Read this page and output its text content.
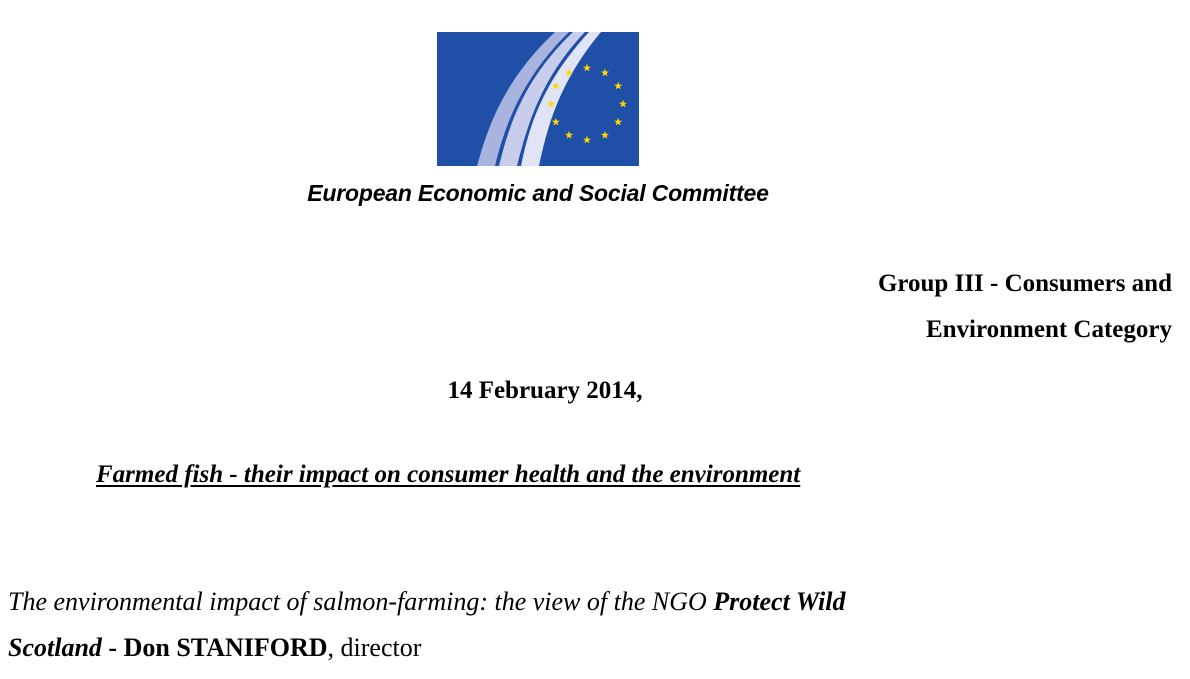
European Economic and Social Committee
Group III - Consumers and
Environment Category
14 February 2014,
Farmed fish - their impact on consumer health and the environment
The environmental impact of salmon-farming: the view of the NGO Protect Wild
Scotland - Don STANIFORD, director
